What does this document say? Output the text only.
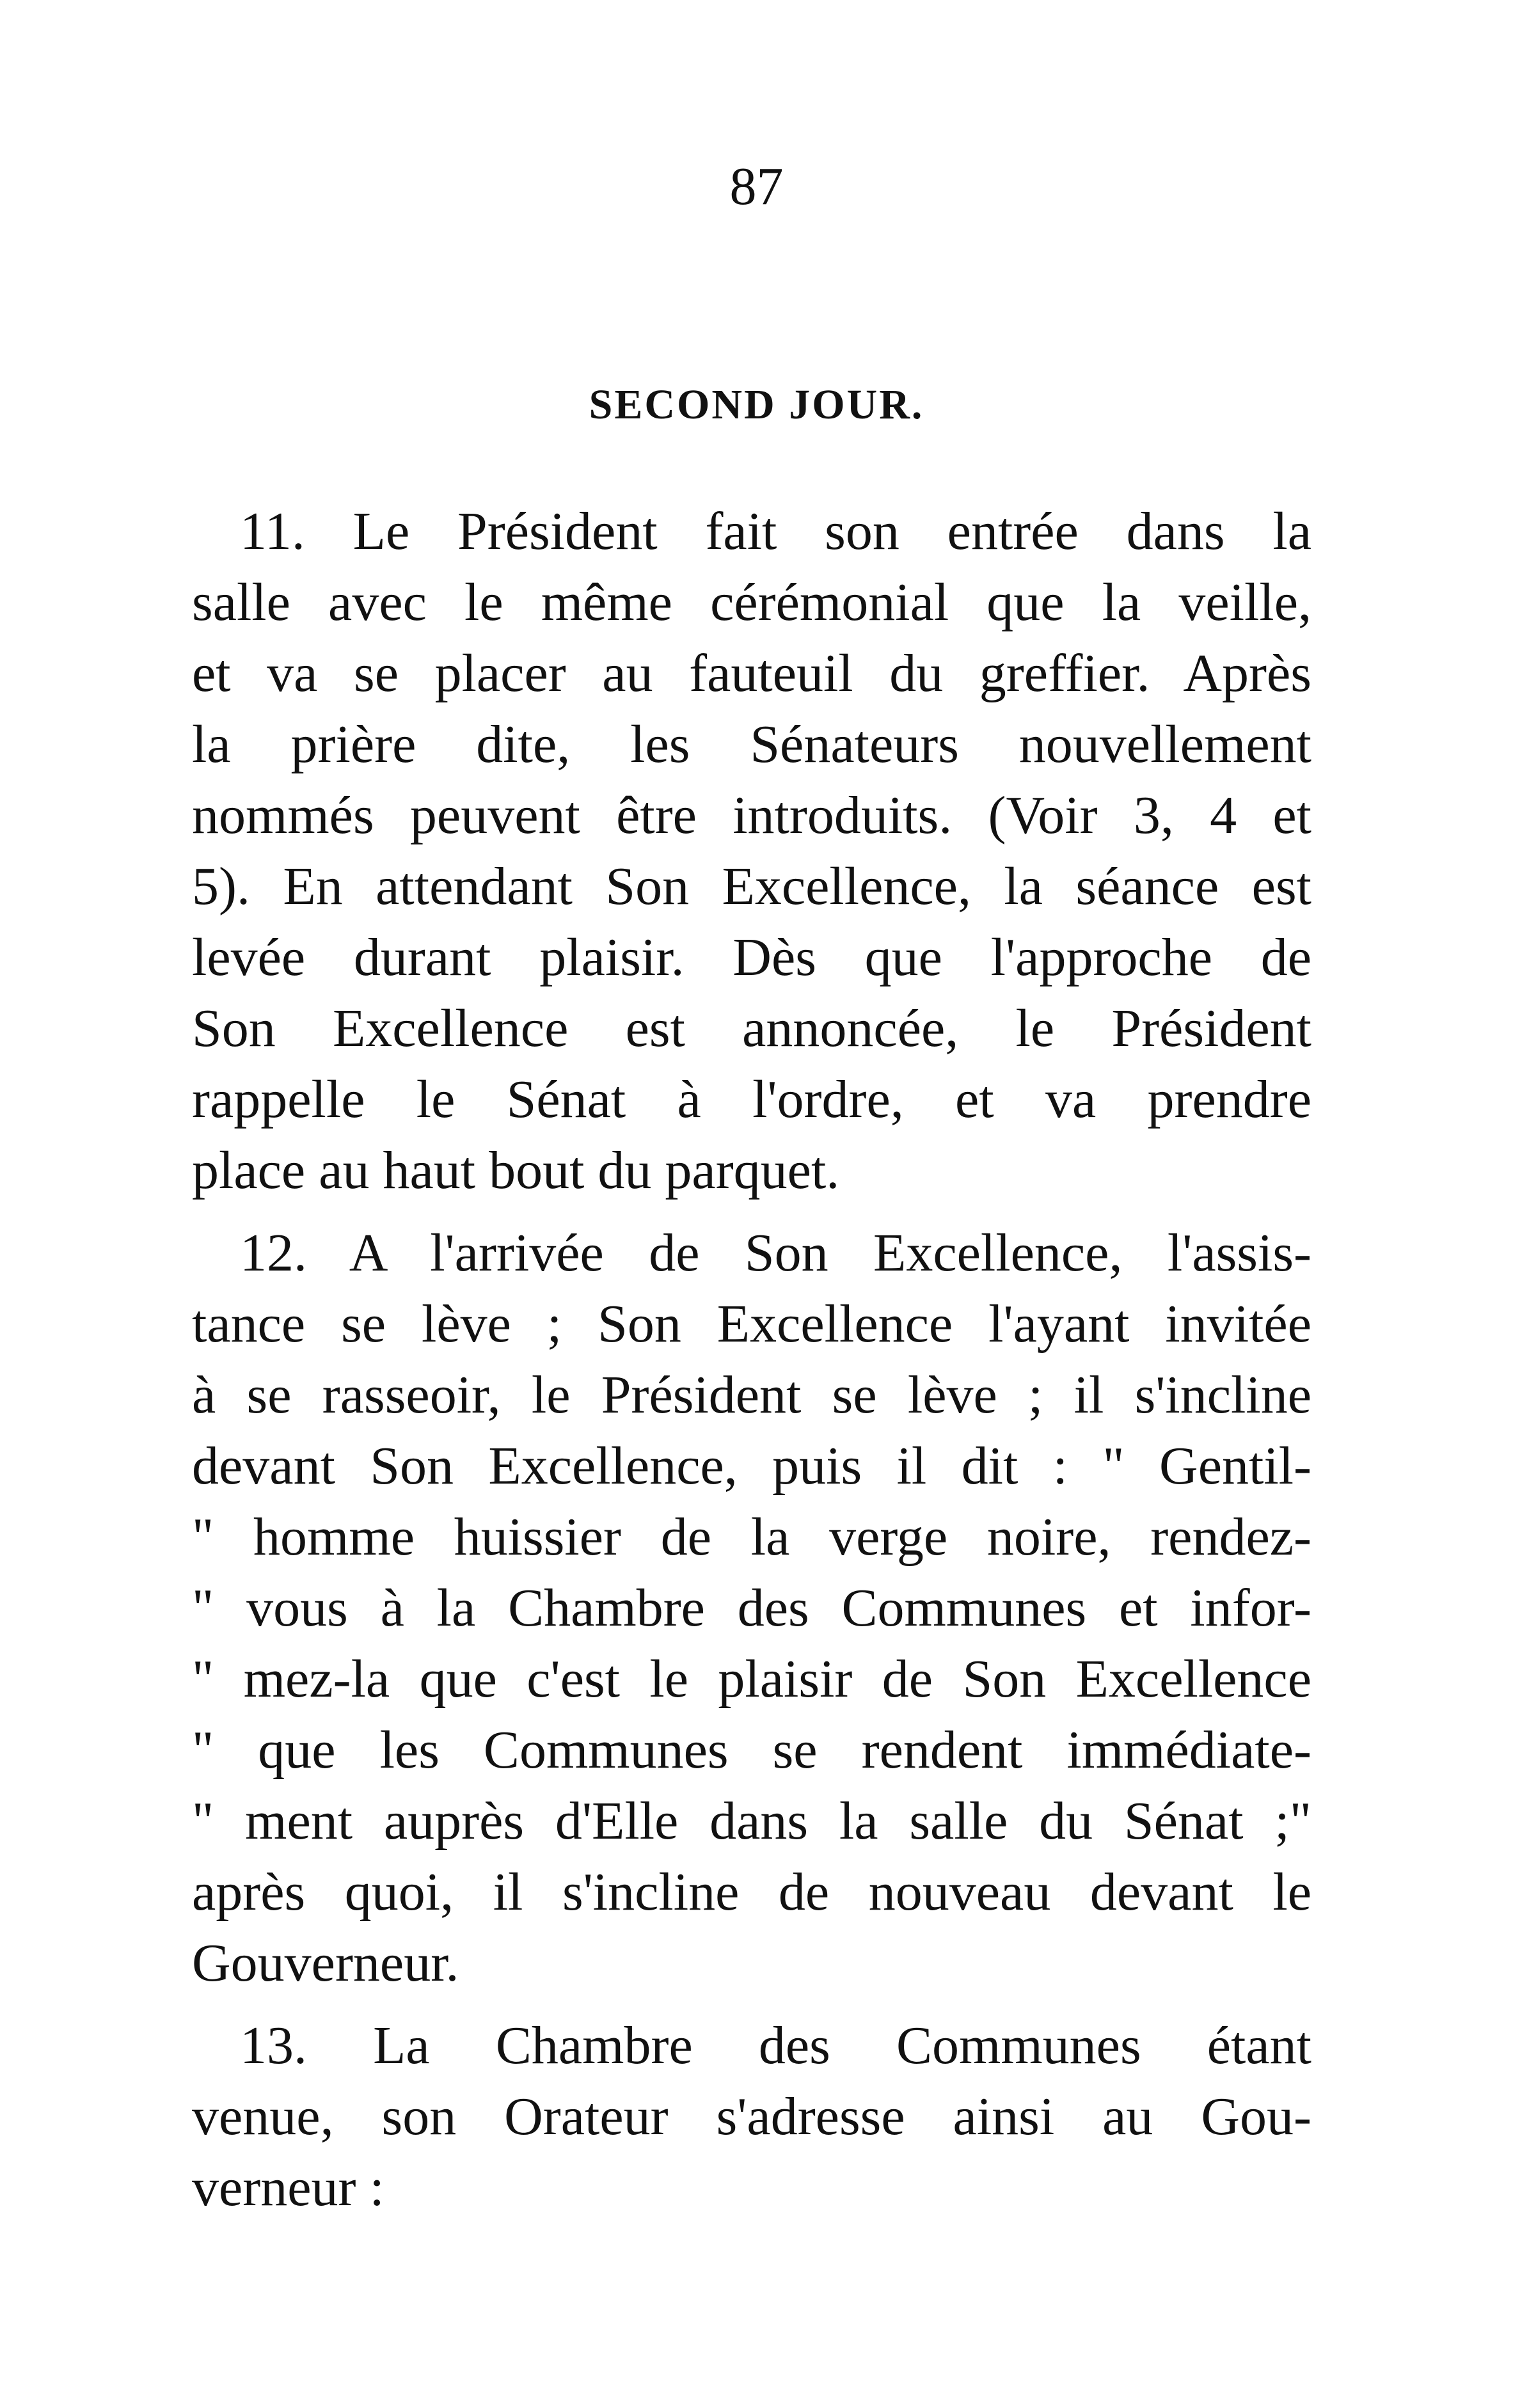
87
SECOND JOUR.
11. Le Président fait son entrée dans la
salle avec le même cérémonial que la veille,
et va se placer au fauteuil du greffier. Après
la prière dite, les Sénateurs nouvellement
nommés peuvent être introduits. (Voir 3, 4 et
5). En attendant Son Excellence, la séance est
levée durant plaisir. Dès que l'approche de
Son Excellence est annoncée, le Président
rappelle le Sénat à l'ordre, et va prendre
place au haut bout du parquet.
12. A l'arrivée de Son Excellence, l'assis-
tance se lève ; Son Excellence l'ayant invitée
à se rasseoir, le Président se lève ; il s'incline
devant Son Excellence, puis il dit : " Gentil-
" homme huissier de la verge noire, rendez-
" vous à la Chambre des Communes et infor-
" mez-la que c'est le plaisir de Son Excellence
" que les Communes se rendent immédiate-
" ment auprès d'Elle dans la salle du Sénat ;"
après quoi, il s'incline de nouveau devant le
Gouverneur.
13. La Chambre des Communes étant
venue, son Orateur s'adresse ainsi au Gou-
verneur :
